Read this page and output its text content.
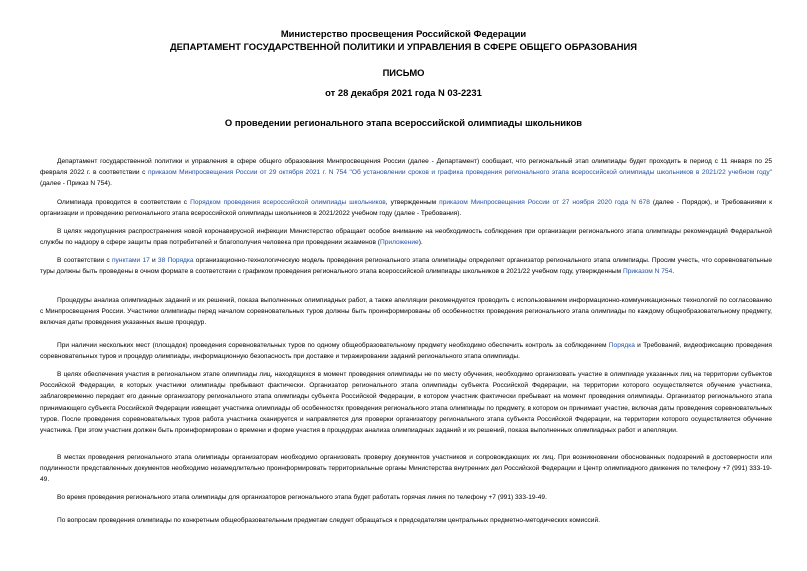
Министерство просвещения Российской Федерации
ДЕПАРТАМЕНТ ГОСУДАРСТВЕННОЙ ПОЛИТИКИ И УПРАВЛЕНИЯ В СФЕРЕ ОБЩЕГО ОБРАЗОВАНИЯ
ПИСЬМО
от 28 декабря 2021 года N 03-2231
О проведении регионального этапа всероссийской олимпиады школьников
Департамент государственной политики и управления в сфере общего образования Минпросвещения России (далее - Департамент) сообщает, что региональный этап олимпиады будет проходить в период с 11 января по 25 февраля 2022 г. в соответствии с приказом Минпросвещения России от 29 октября 2021 г. N 754 "Об установлении сроков и графика проведения регионального этапа всероссийской олимпиады школьников в 2021/22 учебном году" (далее - Приказ N 754).
Олимпиада проводится в соответствии с Порядком проведения всероссийской олимпиады школьников, утвержденным приказом Минпросвещения России от 27 ноября 2020 года N 678 (далее - Порядок), и Требованиями к организации и проведению регионального этапа всероссийской олимпиады школьников в 2021/2022 учебном году (далее - Требования).
В целях недопущения распространения новой коронавирусной инфекции Министерство обращает особое внимание на необходимость соблюдения при организации регионального этапа олимпиады рекомендаций Федеральной службы по надзору в сфере защиты прав потребителей и благополучия человека при проведении экзаменов (Приложение).
В соответствии с пунктами 17 и 38 Порядка организационно-технологическую модель проведения регионального этапа олимпиады определяет организатор регионального этапа олимпиады. Просим учесть, что соревновательные туры должны быть проведены в очном формате в соответствии с графиком проведения регионального этапа всероссийской олимпиады школьников в 2021/22 учебном году, утвержденным Приказом N 754.
Процедуры анализа олимпиадных заданий и их решений, показа выполненных олимпиадных работ, а также апелляции рекомендуется проводить с использованием информационно-коммуникационных технологий по согласованию с Минпросвещения России. Участники олимпиады перед началом соревновательных туров должны быть проинформированы об особенностях проведения регионального этапа олимпиады по каждому общеобразовательному предмету, включая даты проведения указанных выше процедур.
При наличии нескольких мест (площадок) проведения соревновательных туров по одному общеобразовательному предмету необходимо обеспечить контроль за соблюдением Порядка и Требований, видеофиксацию проведения соревновательных туров и процедур олимпиады, информационную безопасность при доставке и тиражировании заданий регионального этапа олимпиады.
В целях обеспечения участия в региональном этапе олимпиады лиц, находящихся в момент проведения олимпиады не по месту обучения, необходимо организовать участие в олимпиаде указанных лиц на территории субъектов Российской Федерации, в которых участники олимпиады пребывают фактически. Организатор регионального этапа олимпиады субъекта Российской Федерации, на территории которого осуществляется обучение участника, заблаговременно передает его данные организатору регионального этапа олимпиады субъекта Российской Федерации, в котором участник фактически пребывает на момент проведения олимпиады. Организатор регионального этапа принимающего субъекта Российской Федерации извещает участника олимпиады об особенностях проведения регионального этапа олимпиады по предмету, в котором он принимает участие, включая даты проведения соревновательных туров. После проведения соревновательных туров работа участника сканируется и направляется для проверки организатору регионального этапа субъекта Российской Федерации, на территории которого осуществляется обучение участника. При этом участник должен быть проинформирован о времени и форме участия в процедурах анализа олимпиадных заданий и их решений, показа выполненных олимпиадных работ и апелляции.
В местах проведения регионального этапа олимпиады организаторам необходимо организовать проверку документов участников и сопровождающих их лиц. При возникновении обоснованных подозрений в достоверности или подлинности представленных документов необходимо незамедлительно проинформировать территориальные органы Министерства внутренних дел Российской Федерации и Центр олимпиадного движения по телефону +7 (991) 333-19-49.
Во время проведения регионального этапа олимпиады для организаторов регионального этапа будет работать горячая линия по телефону +7 (991) 333-19-49.
По вопросам проведения олимпиады по конкретным общеобразовательным предметам следует обращаться к председателям центральных предметно-методических комиссий.
